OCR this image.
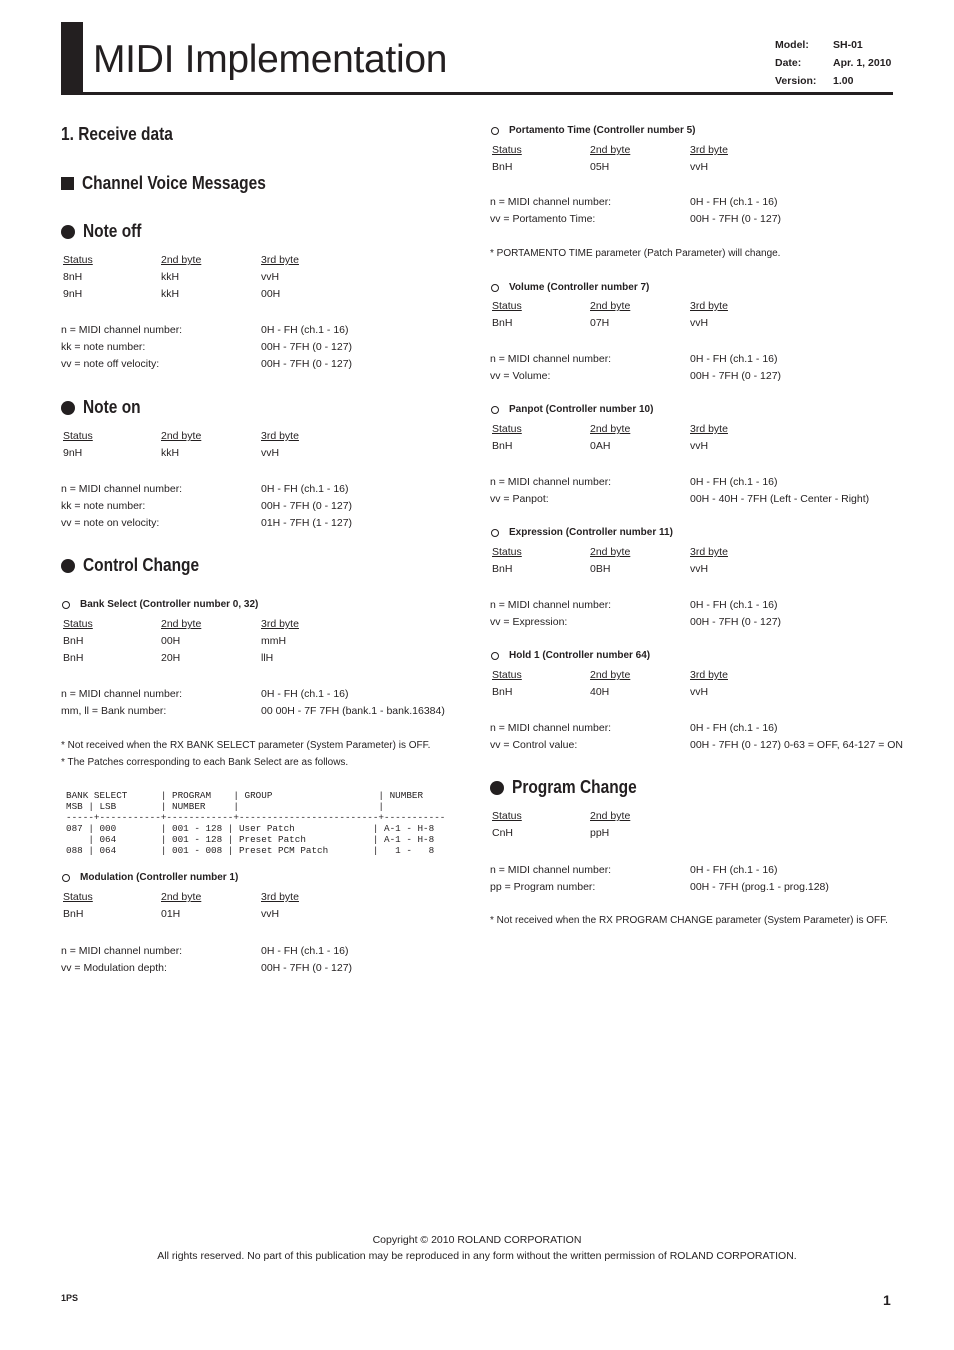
MIDI Implementation	Model:	SH-01
Date:	Apr. 1, 2010
Version:	1.00
1. Receive data
Channel Voice Messages
Note off
Status	2nd byte	3rd byte
8nH	kkH	vvH
9nH	kkH	00H
n = MIDI channel number:	0H - FH (ch.1 - 16)
kk = note number:	00H - 7FH (0 - 127)
vv = note off velocity:	00H - 7FH (0 - 127)
Note on
Status	2nd byte	3rd byte
9nH	kkH	vvH
n = MIDI channel number:	0H - FH (ch.1 - 16)
kk = note number:	00H - 7FH (0 - 127)
vv = note on velocity:	01H - 7FH (1 - 127)
Control Change
Bank Select (Controller number 0, 32)
Status	2nd byte	3rd byte
BnH	00H	mmH
BnH	20H	llH
n = MIDI channel number:	0H - FH (ch.1 - 16)
mm, ll = Bank number:	00 00H - 7F 7FH (bank.1 - bank.16384)
* Not received when the RX BANK SELECT parameter (System Parameter) is OFF.
* The Patches corresponding to each Bank Select are as follows.
BANK SELECT      | PROGRAM    | GROUP                   | NUMBER
MSB | LSB        | NUMBER     |                         |
-----+-----------+------------+-------------------------+-----------
087 | 000        | 001 - 128 | User Patch              | A-1 - H-8
| 064        | 001 - 128 | Preset Patch            | A-1 - H-8
088 | 064        | 001 - 008 | Preset PCM Patch        |   1 -   8
Modulation (Controller number 1)
Status	2nd byte	3rd byte
BnH	01H	vvH
n = MIDI channel number:	0H - FH (ch.1 - 16)
vv = Modulation depth:	00H - 7FH (0 - 127)
Portamento Time (Controller number 5)
Status	2nd byte	3rd byte
BnH	05H	vvH
n = MIDI channel number:	0H - FH (ch.1 - 16)
vv = Portamento Time:	00H - 7FH (0 - 127)
* PORTAMENTO TIME parameter (Patch Parameter) will change.
Volume (Controller number 7)
Status	2nd byte	3rd byte
BnH	07H	vvH
n = MIDI channel number:	0H - FH (ch.1 - 16)
vv = Volume:	00H - 7FH (0 - 127)
Panpot (Controller number 10)
Status	2nd byte	3rd byte
BnH	0AH	vvH
n = MIDI channel number:	0H - FH (ch.1 - 16)
vv = Panpot:	00H - 40H - 7FH (Left - Center - Right)
Expression (Controller number 11)
Status	2nd byte	3rd byte
BnH	0BH	vvH
n = MIDI channel number:	0H - FH (ch.1 - 16)
vv = Expression:	00H - 7FH (0 - 127)
Hold 1 (Controller number 64)
Status	2nd byte	3rd byte
BnH	40H	vvH
n = MIDI channel number:	0H - FH (ch.1 - 16)
vv = Control value:	00H - 7FH (0 - 127) 0-63 = OFF, 64-127 = ON
Program Change
Status	2nd byte
CnH	ppH
n = MIDI channel number:	0H - FH (ch.1 - 16)
pp = Program number:	00H - 7FH (prog.1 - prog.128)
* Not received when the RX PROGRAM CHANGE parameter (System Parameter) is OFF.
Copyright © 2010 ROLAND CORPORATION
All rights reserved. No part of this publication may be reproduced in any form without the written permission of ROLAND CORPORATION.
1PS	1
